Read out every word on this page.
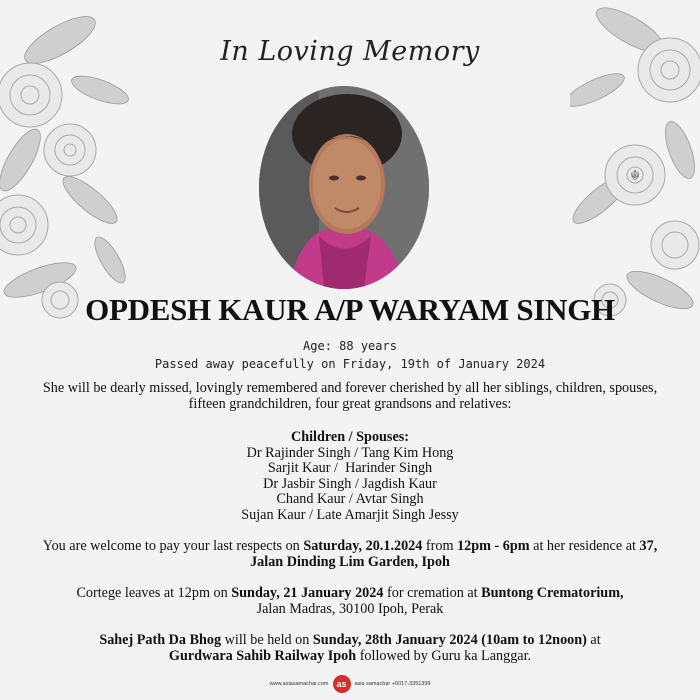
☬
In Loving Memory
OPDESH KAUR A/P WARYAM SINGH
Age: 88 years
Passed away peacefully on Friday, 19th of January 2024
She will be dearly missed, lovingly remembered and forever cherished by all her siblings, children, spouses, fifteen grandchildren, four great grandsons and relatives:
Children / Spouses:
Dr Rajinder Singh / Tang Kim Hong
Sarjit Kaur /  Harinder Singh
Dr Jasbir Singh / Jagdish Kaur
Chand Kaur / Avtar Singh
Sujan Kaur / Late Amarjit Singh Jessy
You are welcome to pay your last respects on Saturday, 20.1.2024 from 12pm - 6pm at her residence at 37, Jalan Dinding Lim Garden, Ipoh
Cortege leaves at 12pm on Sunday, 21 January 2024 for cremation at Buntong Crematorium,
Jalan Madras, 30100 Ipoh, Perak
Sahej Path Da Bhog will be held on Sunday, 28th January 2024 (10am to 12noon) at
Gurdwara Sahib Railway Ipoh followed by Guru ka Langgar.
www.asiasamachar.com as	asia samachar +6017-3351399
